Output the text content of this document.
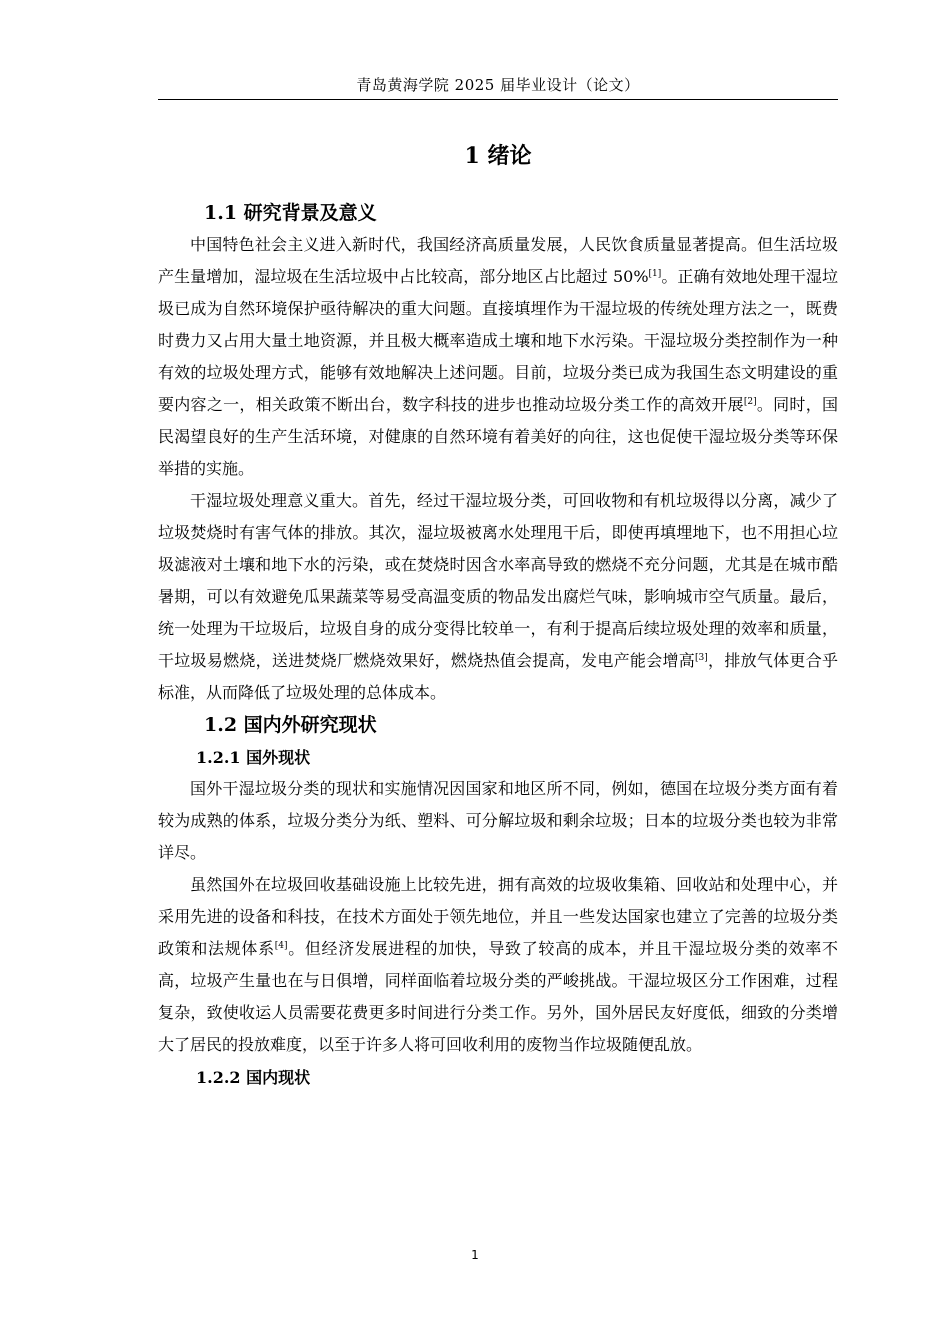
青岛黄海学院 2025 届毕业设计（论文）
1 绪论
1.1 研究背景及意义

中国特色社会主义进入新时代，我国经济高质量发展，人民饮食质量显著提高。但生活垃圾产生量增加，湿垃圾在生活垃圾中占比较高，部分地区占比超过 50%[1]。正确有效地处理干湿垃圾已成为自然环境保护亟待解决的重大问题。直接填埋作为干湿垃圾的传统处理方法之一，既费时费力又占用大量土地资源，并且极大概率造成土壤和地下水污染。干湿垃圾分类控制作为一种有效的垃圾处理方式，能够有效地解决上述问题。目前，垃圾分类已成为我国生态文明建设的重要内容之一，相关政策不断出台，数字科技的进步也推动垃圾分类工作的高效开展[2]。同时，国民渴望良好的生产生活环境，对健康的自然环境有着美好的向往，这也促使干湿垃圾分类等环保举措的实施。

干湿垃圾处理意义重大。首先，经过干湿垃圾分类，可回收物和有机垃圾得以分离，减少了垃圾焚烧时有害气体的排放。其次，湿垃圾被离水处理甩干后，即使再填埋地下，也不用担心垃圾滤液对土壤和地下水的污染，或在焚烧时因含水率高导致的燃烧不充分问题，尤其是在城市酷暑期，可以有效避免瓜果蔬菜等易受高温变质的物品发出腐烂气味，影响城市空气质量。最后，统一处理为干垃圾后，垃圾自身的成分变得比较单一，有利于提高后续垃圾处理的效率和质量，干垃圾易燃烧，送进焚烧厂燃烧效果好，燃烧热值会提高，发电产能会增高[3]，排放气体更合乎标准，从而降低了垃圾处理的总体成本。

1.2 国内外研究现状
1.2.1 国外现状

国外干湿垃圾分类的现状和实施情况因国家和地区所不同，例如，德国在垃圾分类方面有着较为成熟的体系，垃圾分类分为纸、塑料、可分解垃圾和剩余垃圾；日本的垃圾分类也较为非常详尽。

虽然国外在垃圾回收基础设施上比较先进，拥有高效的垃圾收集箱、回收站和处理中心，并采用先进的设备和科技，在技术方面处于领先地位，并且一些发达国家也建立了完善的垃圾分类政策和法规体系[4]。但经济发展进程的加快，导致了较高的成本，并且干湿垃圾分类的效率不高，垃圾产生量也在与日俱增，同样面临着垃圾分类的严峻挑战。干湿垃圾区分工作困难，过程复杂，致使收运人员需要花费更多时间进行分类工作。另外，国外居民友好度低，细致的分类增大了居民的投放难度，以至于许多人将可回收利用的废物当作垃圾随便乱放。

1.2.2 国内现状
1
